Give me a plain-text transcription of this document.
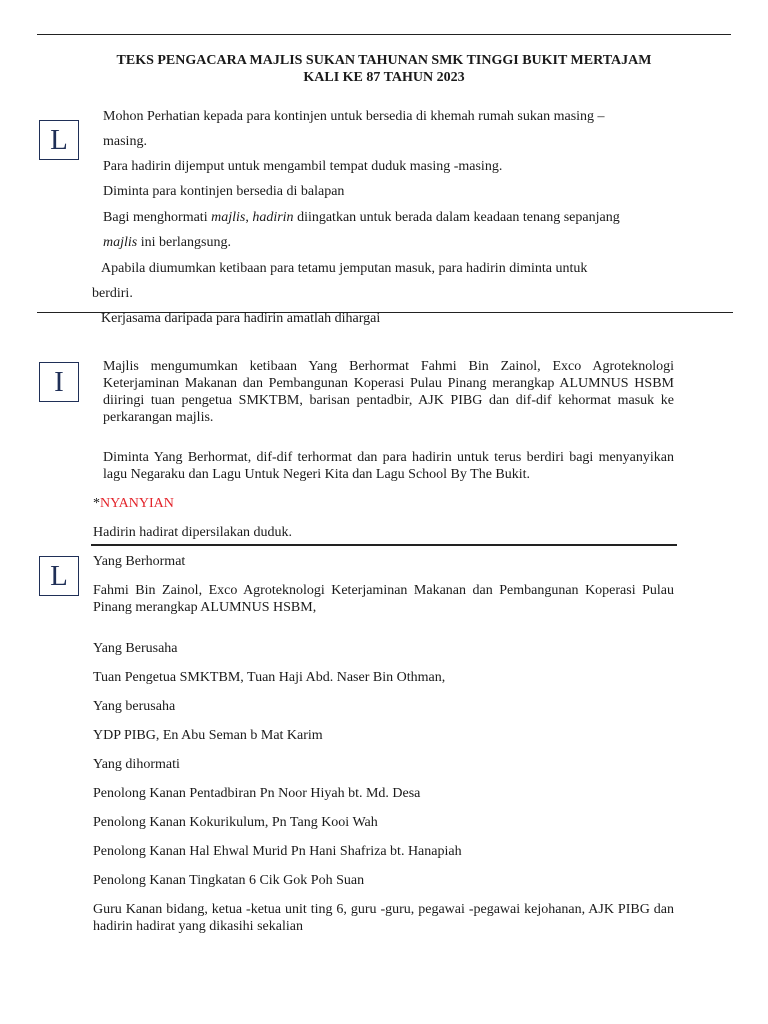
TEKS PENGACARA MAJLIS SUKAN TAHUNAN SMK TINGGI BUKIT MERTAJAM
KALI KE 87 TAHUN 2023
L

Mohon Perhatian kepada para kontinjen untuk bersedia di khemah rumah sukan masing –

masing.

Para hadirin dijemput untuk mengambil tempat duduk masing -masing.

Diminta para kontinjen bersedia di balapan

Bagi menghormati majlis, hadirin diingatkan untuk berada dalam keadaan tenang sepanjang

majlis ini berlangsung.

Apabila diumumkan ketibaan para tetamu jemputan masuk, para hadirin diminta untuk

berdiri.

Kerjasama daripada para hadirin amatlah dihargai

I	Majlis mengumumkan ketibaan Yang Berhormat Fahmi Bin Zainol, Exco Agroteknologi Keterjaminan Makanan dan Pembangunan Koperasi Pulau Pinang merangkap ALUMNUS HSBM diiringi tuan pengetua SMKTBM, barisan pentadbir, AJK PIBG dan dif-dif kehormat masuk ke perkarangan majlis.

Diminta Yang Berhormat, dif-dif terhormat dan para hadirin untuk terus berdiri bagi menyanyikan lagu Negaraku dan Lagu Untuk Negeri Kita dan Lagu School By The Bukit.

*NYANYIAN

Hadirin hadirat dipersilakan duduk.

L	Yang Berhormat

Fahmi Bin Zainol, Exco Agroteknologi Keterjaminan Makanan dan Pembangunan Koperasi Pulau Pinang merangkap ALUMNUS HSBM,

Yang Berusaha

Tuan Pengetua SMKTBM, Tuan Haji Abd. Naser Bin Othman,

Yang berusaha

YDP PIBG, En Abu Seman b Mat Karim

Yang dihormati

Penolong Kanan Pentadbiran Pn Noor Hiyah bt. Md. Desa

Penolong Kanan Kokurikulum, Pn Tang Kooi Wah

Penolong Kanan Hal Ehwal Murid Pn Hani Shafriza bt. Hanapiah

Penolong Kanan Tingkatan 6 Cik Gok Poh Suan

Guru Kanan bidang, ketua -ketua unit ting 6, guru -guru, pegawai -pegawai kejohanan, AJK PIBG dan hadirin hadirat yang dikasihi sekalian
